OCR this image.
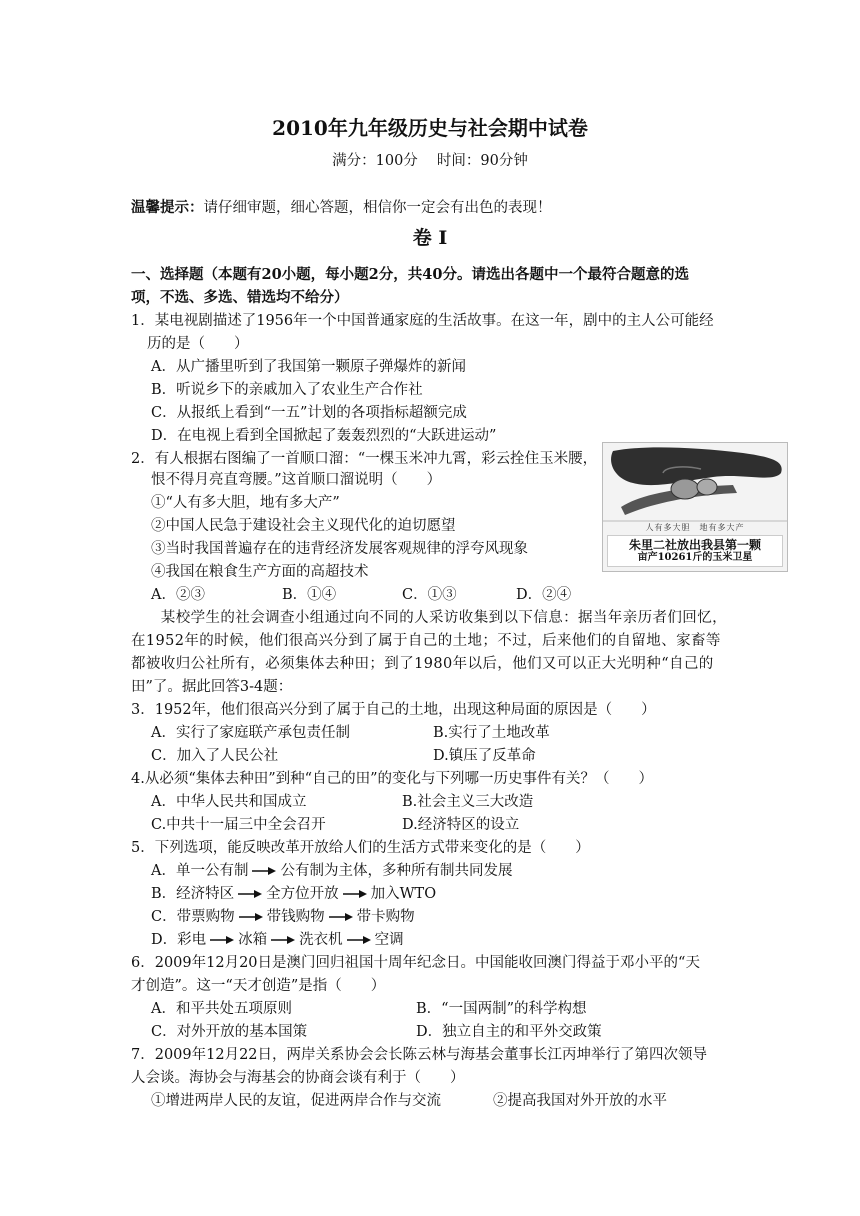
2010年九年级历史与社会期中试卷
满分：100分　 时间：90分钟
温馨提示：请仔细审题，细心答题，相信你一定会有出色的表现！
卷 Ⅰ
一、选择题（本题有20小题，每小题2分，共40分。请选出各题中一个最符合题意的选
项，不选、多选、错选均不给分）
1．某电视剧描述了1956年一个中国普通家庭的生活故事。在这一年，剧中的主人公可能经
历的是（　　）
A．从广播里听到了我国第一颗原子弹爆炸的新闻
B．听说乡下的亲戚加入了农业生产合作社
C．从报纸上看到“一五”计划的各项指标超额完成
D．在电视上看到全国掀起了轰轰烈烈的“大跃进运动”
2．有人根据右图编了一首顺口溜：“一棵玉米冲九霄，彩云拴住玉米腰，
恨不得月亮直弯腰。”这首顺口溜说明（　　）
①“人有多大胆，地有多大产”
②中国人民急于建设社会主义现代化的迫切愿望
③当时我国普遍存在的违背经济发展客观规律的浮夸风现象
④我国在粮食生产方面的高超技术
A．②③	B．①④	C．①③	D．②④
人有多大胆　地有多大产
朱里二社放出我县第一颗
亩产10261斤的玉米卫星
　　某校学生的社会调查小组通过向不同的人采访收集到以下信息：据当年亲历者们回忆，
在1952年的时候，他们很高兴分到了属于自己的土地；不过，后来他们的自留地、家畜等
都被收归公社所有，必须集体去种田；到了1980年以后，他们又可以正大光明种“自己的
田”了。据此回答3-4题：
3．1952年，他们很高兴分到了属于自己的土地，出现这种局面的原因是（　　）
A．实行了家庭联产承包责任制	B.实行了土地改革
C．加入了人民公社	D.镇压了反革命
4.从必须“集体去种田”到种“自己的田”的变化与下列哪一历史事件有关？（　　）
A．中华人民共和国成立	B.社会主义三大改造
C.中共十一届三中全会召开	D.经济特区的设立
5．下列选项，能反映改革开放给人们的生活方式带来变化的是（　　）
A．单一公有制 公有制为主体，多种所有制共同发展
B．经济特区 全方位开放 加入WTO
C．带票购物 带钱购物 带卡购物
D．彩电 冰箱 洗衣机 空调
6．2009年12月20日是澳门回归祖国十周年纪念日。中国能收回澳门得益于邓小平的“天
才创造”。这一“天才创造”是指（　　）
A．和平共处五项原则	B．“一国两制”的科学构想
C．对外开放的基本国策	D．独立自主的和平外交政策
7．2009年12月22日，两岸关系协会会长陈云林与海基会董事长江丙坤举行了第四次领导
人会谈。海协会与海基会的协商会谈有利于（　　）
①增进两岸人民的友谊，促进两岸合作与交流	②提高我国对外开放的水平
